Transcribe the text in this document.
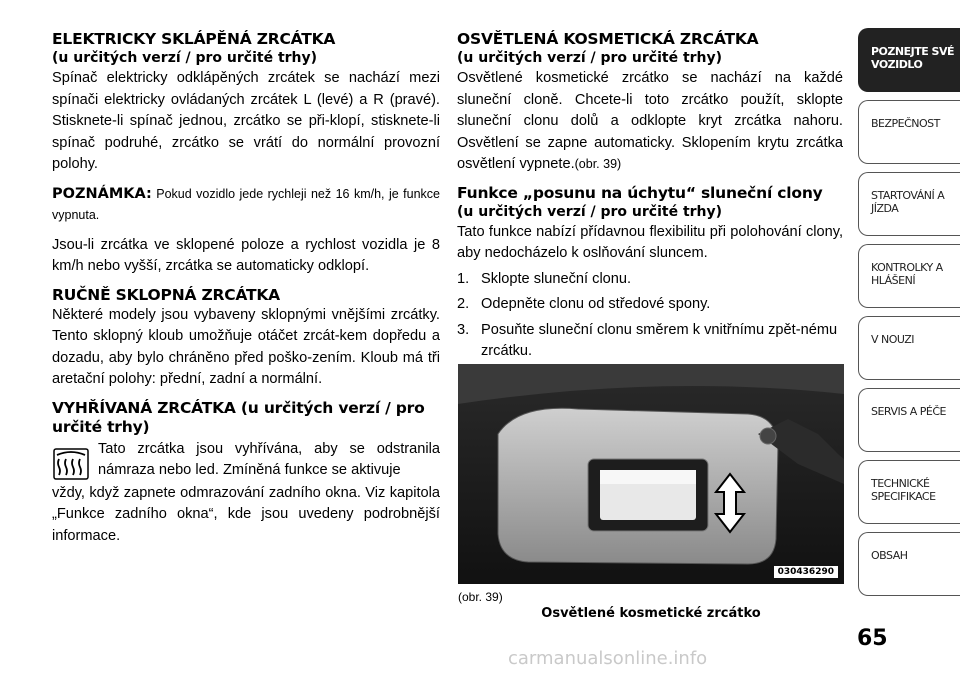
ELEKTRICKY SKLÁPĚNÁ ZRCÁTKA
(u určitých verzí / pro určité trhy)

Spínač elektricky odklápěných zrcátek se nachází mezi spínači elektricky ovládaných zrcátek L (levé) a R (pravé). Stisknete-li spínač jednou, zrcátko se při-klopí, stisknete-li spínač podruhé, zrcátko se vrátí do normální provozní polohy.

POZNÁMKA: Pokud vozidlo jede rychleji než 16 km/h, je funkce vypnuta.

Jsou-li zrcátka ve sklopené poloze a rychlost vozidla je 8 km/h nebo vyšší, zrcátka se automaticky odklopí.

RUČNĚ SKLOPNÁ ZRCÁTKA

Některé modely jsou vybaveny sklopnými vnějšími zrcátky. Tento sklopný kloub umožňuje otáčet zrcát-kem dopředu a dozadu, aby bylo chráněno před poško-zením. Kloub má tři aretační polohy: přední, zadní a normální.

VYHŘÍVANÁ ZRCÁTKA (u určitých verzí / pro určité trhy)

Tato zrcátka jsou vyhřívána, aby se odstranila námraza nebo led. Zmíněná funkce se aktivuje

vždy, když zapnete odmrazování zadního okna. Viz kapitola „Funkce zadního okna“, kde jsou uvedeny podrobnější informace.

OSVĚTLENÁ KOSMETICKÁ ZRCÁTKA
(u určitých verzí / pro určité trhy)

Osvětlené kosmetické zrcátko se nachází na každé sluneční cloně. Chcete-li toto zrcátko použít, sklopte sluneční clonu dolů a odklopte kryt zrcátka nahoru. Osvětlení se zapne automaticky. Sklopením krytu zrcátka osvětlení vypnete.(obr. 39)

Funkce „posunu na úchytu“ sluneční clony
(u určitých verzí / pro určité trhy)

Tato funkce nabízí přídavnou flexibilitu při polohování clony, aby nedocházelo k oslňování sluncem.

1. Sklopte sluneční clonu.
2. Odepněte clonu od středové spony.
3. Posuňte sluneční clonu směrem k vnitřnímu zpět-nému zrcátku.
030436290
(obr. 39)
Osvětlené kosmetické zrcátko
POZNEJTE SVÉ VOZIDLO
BEZPEČNOST
STARTOVÁNÍ A JÍZDA
KONTROLKY A HLÁŠENÍ
V NOUZI
SERVIS A PÉČE
TECHNICKÉ SPECIFIKACE
OBSAH
65
carmanualsonline.info
